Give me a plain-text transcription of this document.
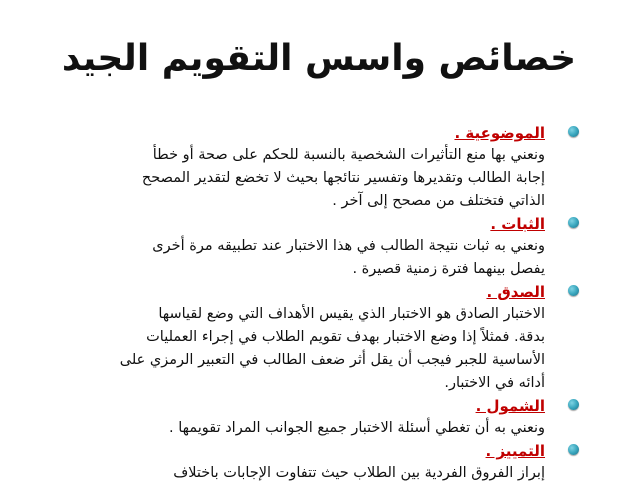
خصائص واسس التقويم الجيد
الموضوعية .
ونعني بها منع التأثيرات الشخصية بالنسبة للحكم على صحة أو خطأ
إجابة الطالب وتقديرها وتفسير نتائجها بحيث لا تخضع لتقدير المصحح
الذاتي فتختلف من مصحح إلى آخر .
الثبات .
ونعني به ثبات نتيجة الطالب في هذا الاختبار عند تطبيقه مرة أخرى
يفصل بينهما فترة زمنية قصيرة .
الصدق .
الاختبار الصادق هو الاختبار الذي يقيس الأهداف التي وضع لقياسها
بدقة. فمثلاً إذا وضع الاختبار بهدف تقويم الطلاب في إجراء العمليات
الأساسية للجبر فيجب أن يقل أثر ضعف الطالب في التعبير الرمزي على
أدائه في الاختبار.
الشمول .
ونعني به أن تغطي أسئلة الاختبار جميع الجوانب المراد تقويمها .
التمييز .
إبراز الفروق الفردية بين الطلاب حيث تتفاوت الإجابات باختلاف
